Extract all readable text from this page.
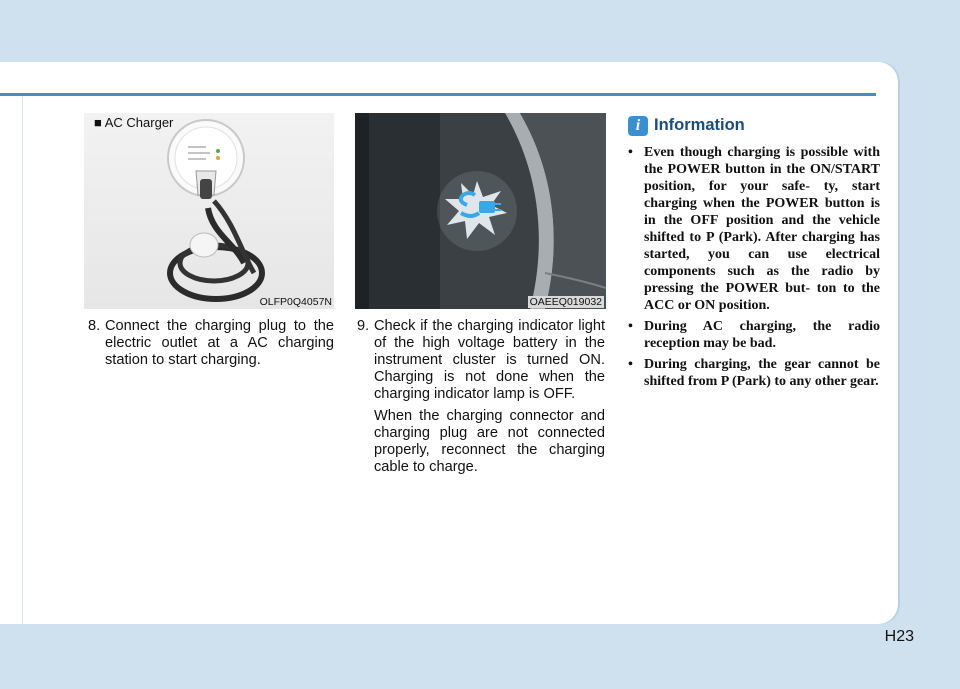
■ AC Charger
OLFP0Q4057N	OAEEQ019032
8. Connect the charging plug to the electric outlet at a AC charging station to start charging.

9. Check if the charging indicator light of the high voltage battery in the instrument cluster is turned ON. Charging is not done when the charging indicator lamp is OFF.

When the charging connector and charging plug are not connected properly, reconnect the charging cable to charge.

i Information
• Even though charging is possible with the POWER button in the ON/START position, for your safe- ty, start charging when the POWER button is in the OFF position and the vehicle shifted to P (Park). After charging has started, you can use electrical components such as the radio by pressing the POWER but- ton to the ACC or ON position.
• During AC charging, the radio reception may be bad.
• During charging, the gear cannot be shifted from P (Park) to any other gear.
H23
